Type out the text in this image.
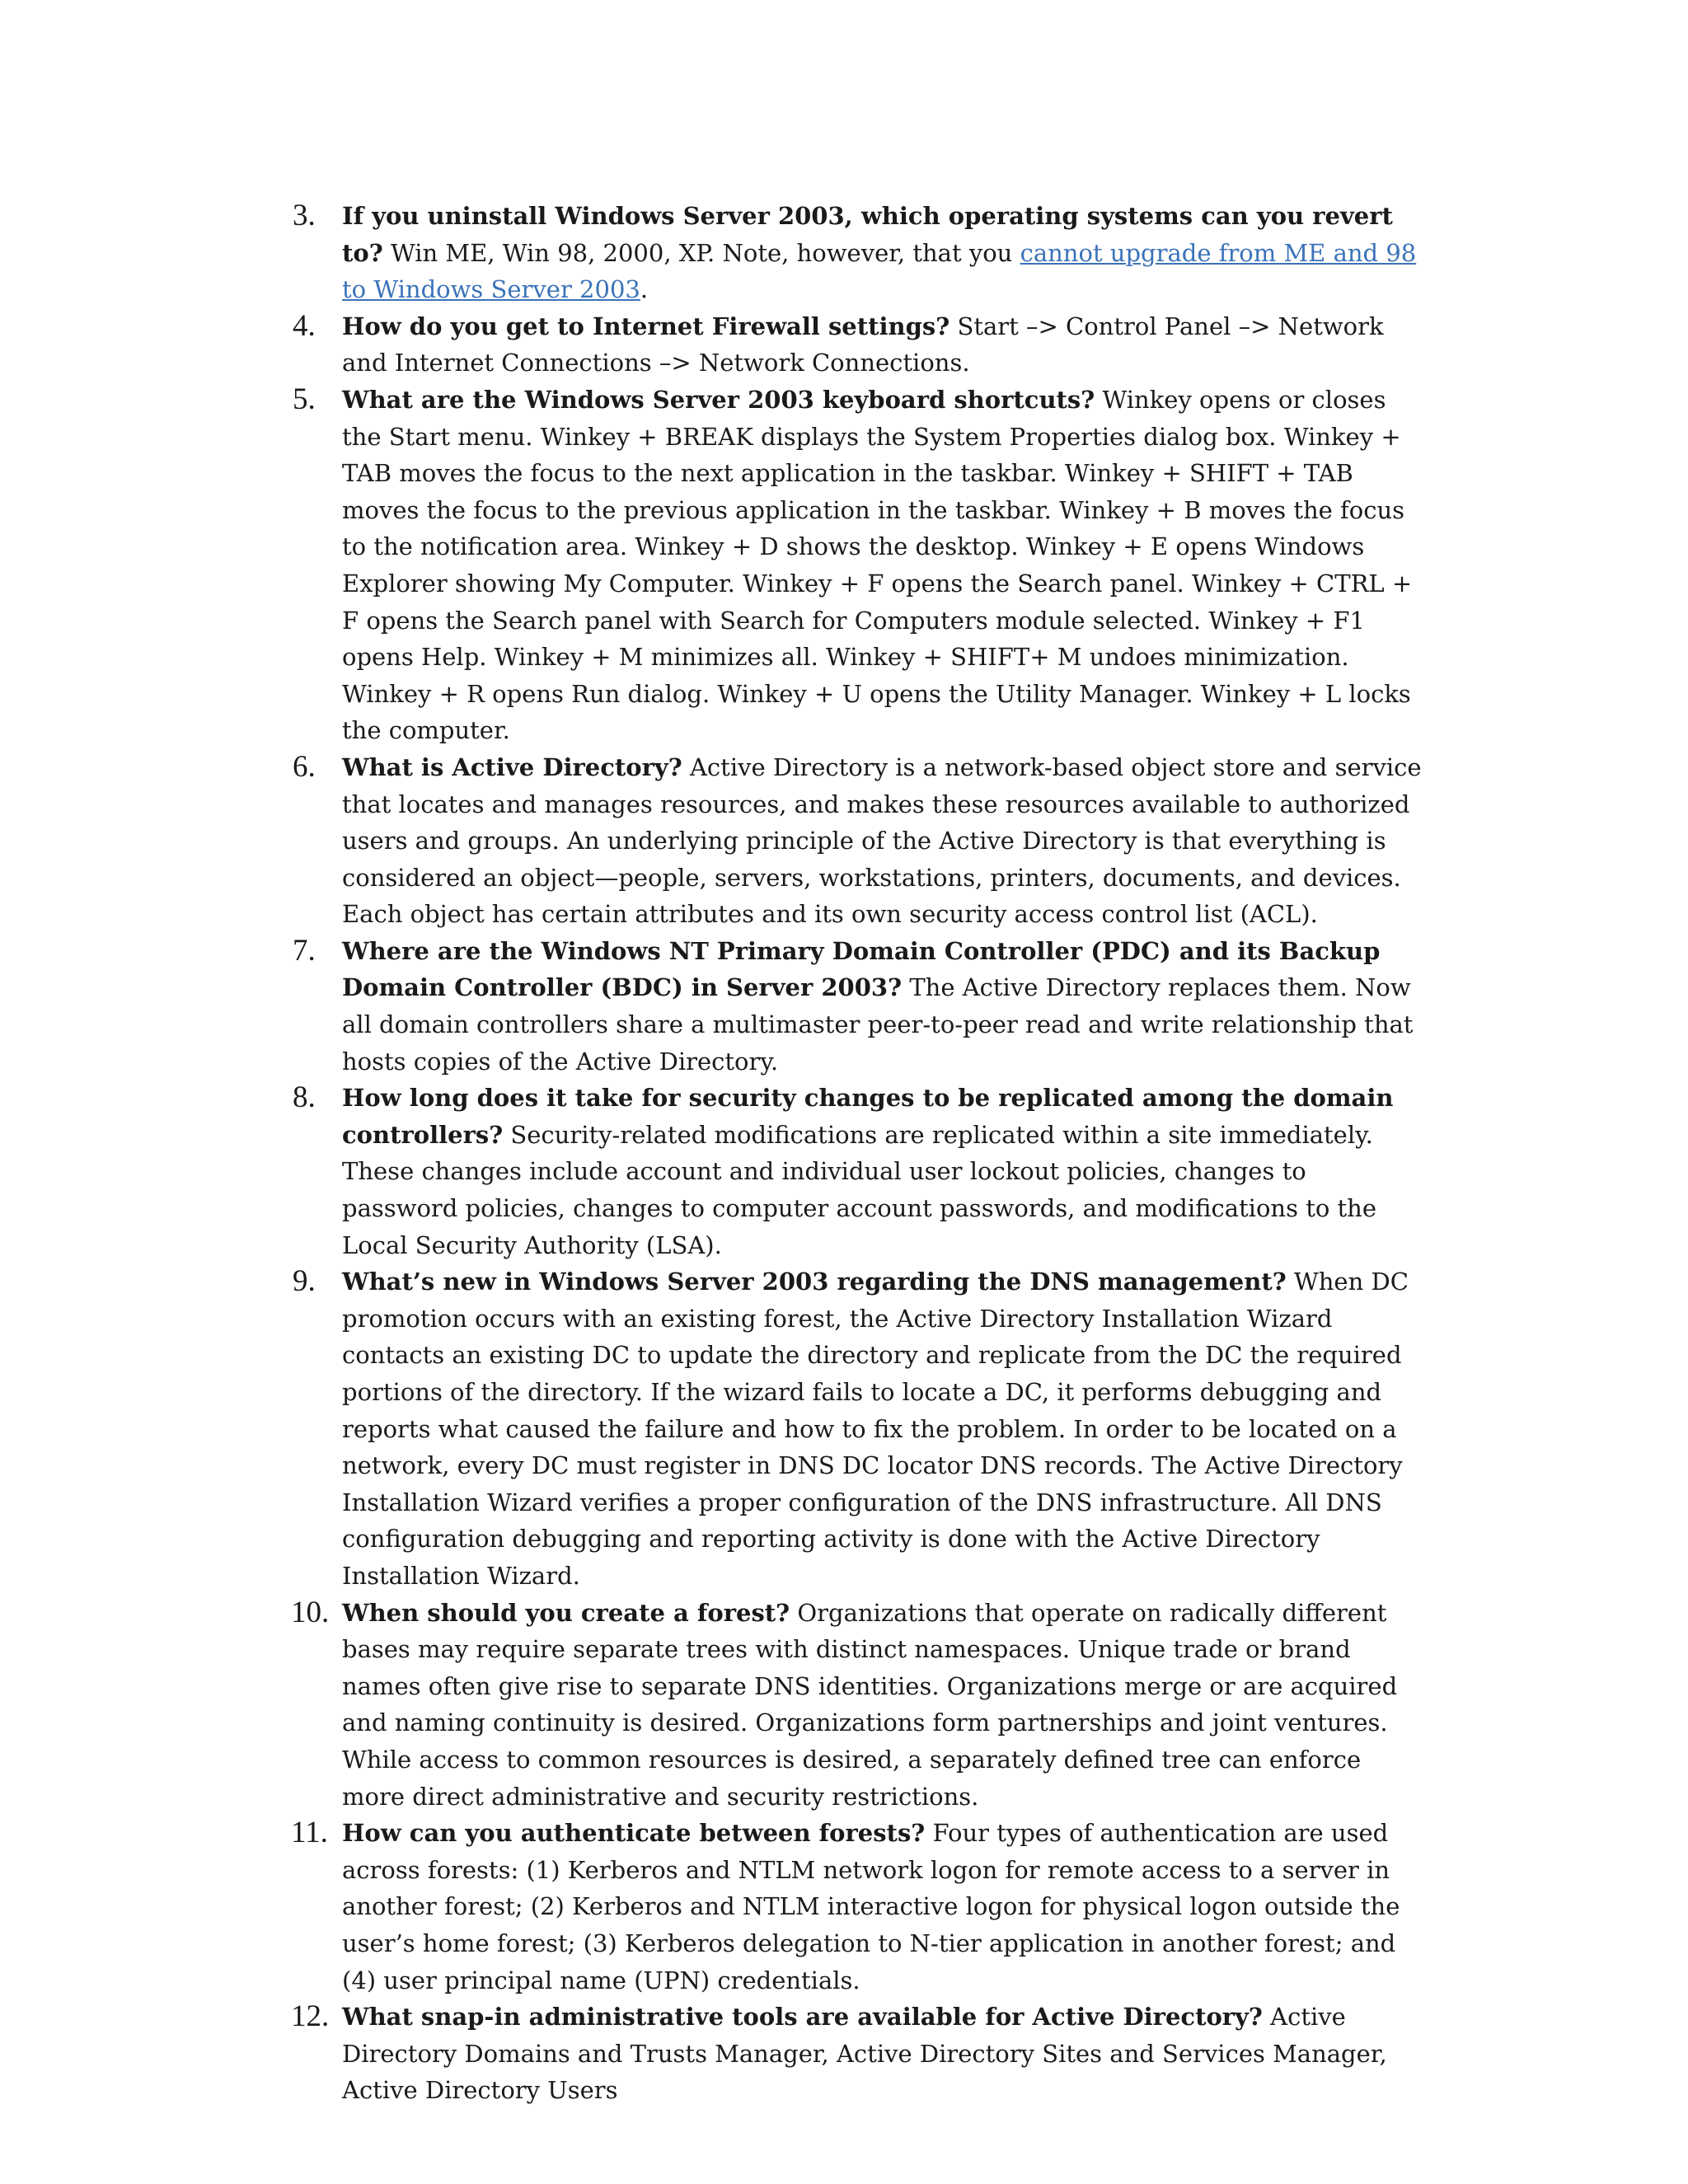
3. If you uninstall Windows Server 2003, which operating systems can you revert to? Win ME, Win 98, 2000, XP. Note, however, that you cannot upgrade from ME and 98 to Windows Server 2003.
4. How do you get to Internet Firewall settings? Start –> Control Panel –> Network and Internet Connections –> Network Connections.
5. What are the Windows Server 2003 keyboard shortcuts? Winkey opens or closes the Start menu. Winkey + BREAK displays the System Properties dialog box. Winkey + TAB moves the focus to the next application in the taskbar. Winkey + SHIFT + TAB moves the focus to the previous application in the taskbar. Winkey + B moves the focus to the notification area. Winkey + D shows the desktop. Winkey + E opens Windows Explorer showing My Computer. Winkey + F opens the Search panel. Winkey + CTRL + F opens the Search panel with Search for Computers module selected. Winkey + F1 opens Help. Winkey + M minimizes all. Winkey + SHIFT+ M undoes minimization. Winkey + R opens Run dialog. Winkey + U opens the Utility Manager. Winkey + L locks the computer.
6. What is Active Directory? Active Directory is a network-based object store and service that locates and manages resources, and makes these resources available to authorized users and groups. An underlying principle of the Active Directory is that everything is considered an object—people, servers, workstations, printers, documents, and devices. Each object has certain attributes and its own security access control list (ACL).
7. Where are the Windows NT Primary Domain Controller (PDC) and its Backup Domain Controller (BDC) in Server 2003? The Active Directory replaces them. Now all domain controllers share a multimaster peer-to-peer read and write relationship that hosts copies of the Active Directory.
8. How long does it take for security changes to be replicated among the domain controllers? Security-related modifications are replicated within a site immediately. These changes include account and individual user lockout policies, changes to password policies, changes to computer account passwords, and modifications to the Local Security Authority (LSA).
9. What’s new in Windows Server 2003 regarding the DNS management? When DC promotion occurs with an existing forest, the Active Directory Installation Wizard contacts an existing DC to update the directory and replicate from the DC the required portions of the directory. If the wizard fails to locate a DC, it performs debugging and reports what caused the failure and how to fix the problem. In order to be located on a network, every DC must register in DNS DC locator DNS records. The Active Directory Installation Wizard verifies a proper configuration of the DNS infrastructure. All DNS configuration debugging and reporting activity is done with the Active Directory Installation Wizard.
10. When should you create a forest? Organizations that operate on radically different bases may require separate trees with distinct namespaces. Unique trade or brand names often give rise to separate DNS identities. Organizations merge or are acquired and naming continuity is desired. Organizations form partnerships and joint ventures. While access to common resources is desired, a separately defined tree can enforce more direct administrative and security restrictions.
11. How can you authenticate between forests? Four types of authentication are used across forests: (1) Kerberos and NTLM network logon for remote access to a server in another forest; (2) Kerberos and NTLM interactive logon for physical logon outside the user’s home forest; (3) Kerberos delegation to N-tier application in another forest; and (4) user principal name (UPN) credentials.
12. What snap-in administrative tools are available for Active Directory? Active Directory Domains and Trusts Manager, Active Directory Sites and Services Manager, Active Directory Users
